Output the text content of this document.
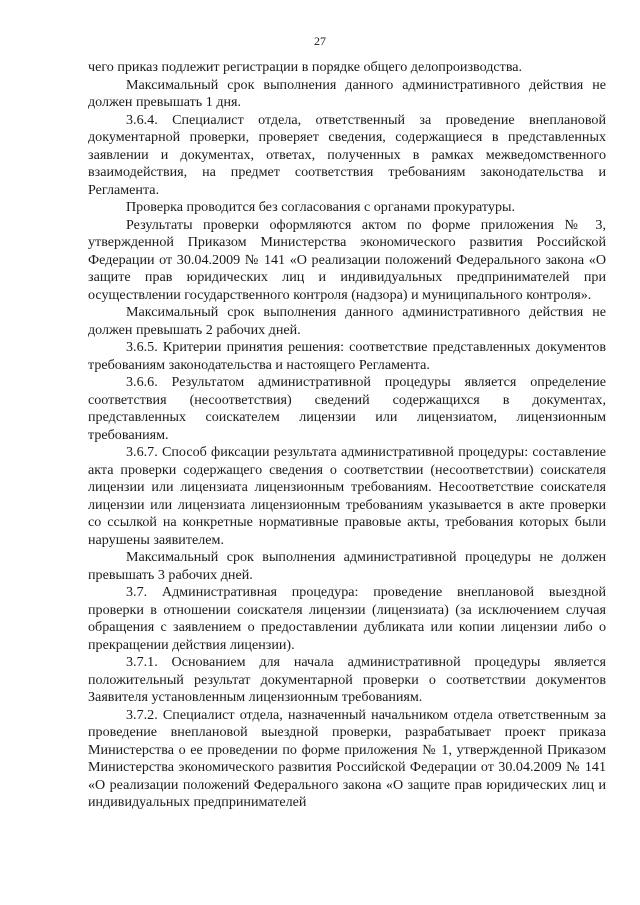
27

чего приказ подлежит регистрации в порядке общего делопроизводства.

Максимальный срок выполнения данного административного действия не должен превышать 1 дня.

3.6.4. Специалист отдела, ответственный за проведение внеплановой документарной проверки, проверяет сведения, содержащиеся в представленных заявлении и документах, ответах, полученных в рамках межведомственного взаимодействия, на предмет соответствия требованиям законодательства и Регламента.

Проверка проводится без согласования с органами прокуратуры.

Результаты проверки оформляются актом по форме приложения № 3, утвержденной Приказом Министерства экономического развития Российской Федерации от 30.04.2009 № 141 «О реализации положений Федерального закона «О защите прав юридических лиц и индивидуальных предпринимателей при осуществлении государственного контроля (надзора) и муниципального контроля».

Максимальный срок выполнения данного административного действия не должен превышать 2 рабочих дней.

3.6.5. Критерии принятия решения: соответствие представленных документов требованиям законодательства и настоящего Регламента.

3.6.6. Результатом административной процедуры является определение соответствия (несоответствия) сведений содержащихся в документах, представленных соискателем лицензии или лицензиатом, лицензионным требованиям.

3.6.7. Способ фиксации результата административной процедуры: составление акта проверки содержащего сведения о соответствии (несоответствии) соискателя лицензии или лицензиата лицензионным требованиям. Несоответствие соискателя лицензии или лицензиата лицензионным требованиям указывается в акте проверки со ссылкой на конкретные нормативные правовые акты, требования которых были нарушены заявителем.

Максимальный срок выполнения административной процедуры не должен превышать 3 рабочих дней.

3.7. Административная процедура: проведение внеплановой выездной проверки в отношении соискателя лицензии (лицензиата) (за исключением случая обращения с заявлением о предоставлении дубликата или копии лицензии либо о прекращении действия лицензии).

3.7.1. Основанием для начала административной процедуры является положительный результат документарной проверки о соответствии документов Заявителя установленным лицензионным требованиям.

3.7.2. Специалист отдела, назначенный начальником отдела ответственным за проведение внеплановой выездной проверки, разрабатывает проект приказа Министерства о ее проведении по форме приложения № 1, утвержденной Приказом Министерства экономического развития Российской Федерации от 30.04.2009 № 141 «О реализации положений Федерального закона «О защите прав юридических лиц и индивидуальных предпринимателей
